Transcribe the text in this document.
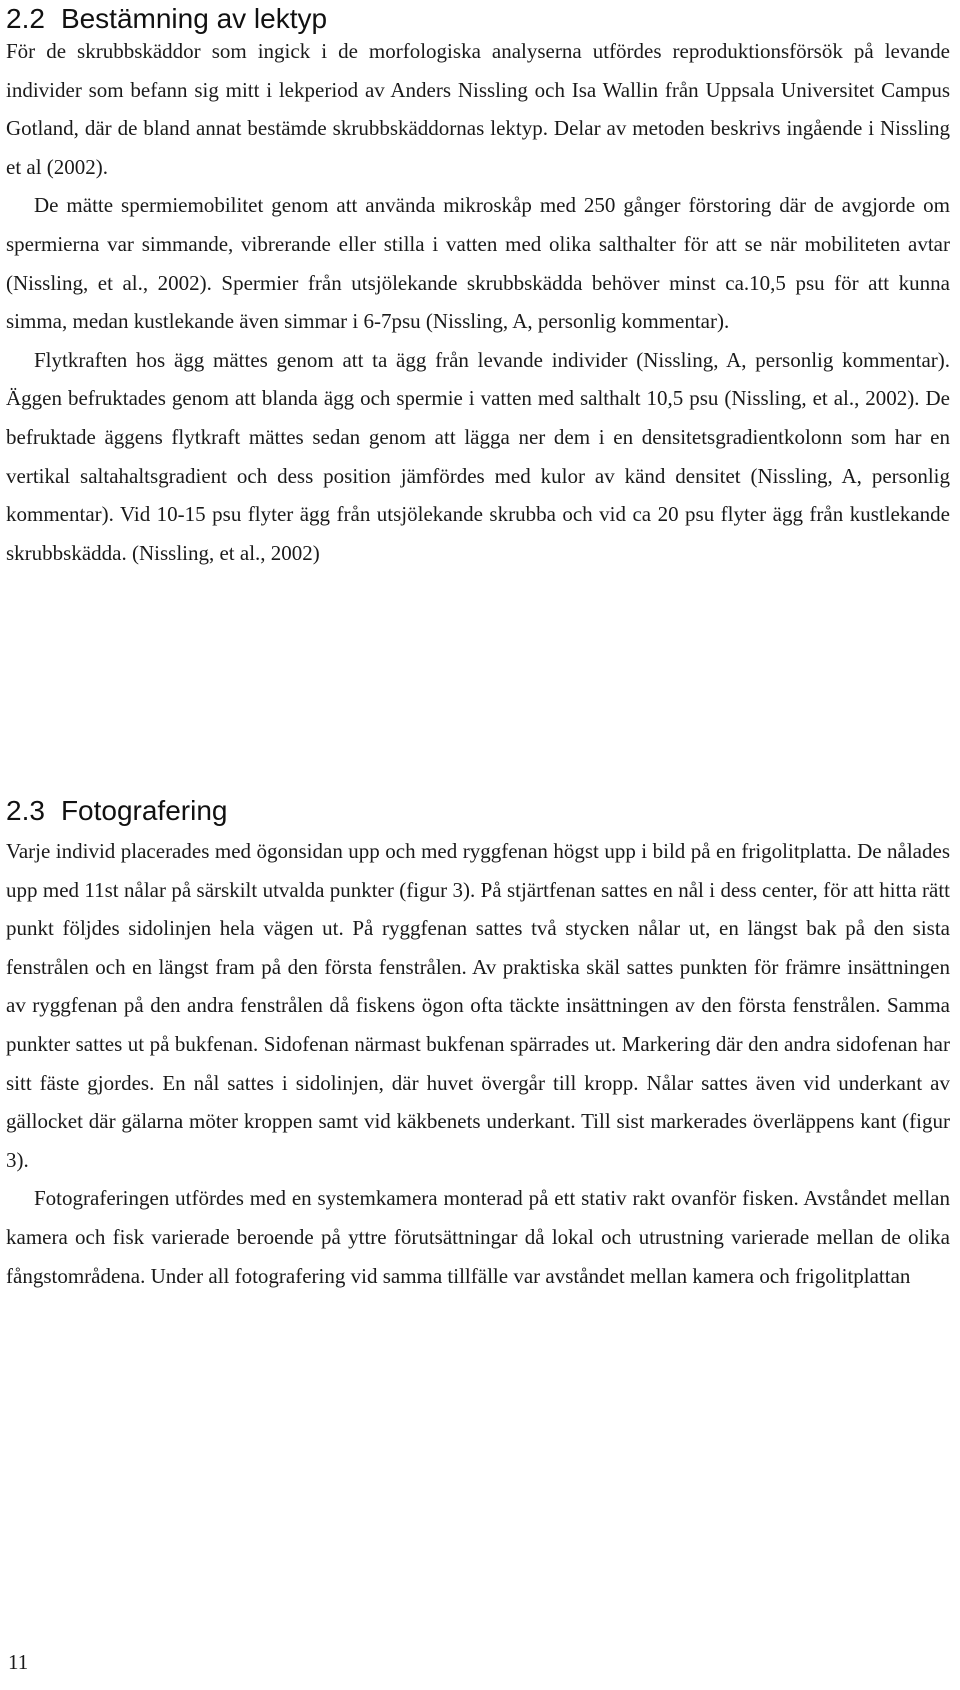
2.2 Bestämning av lektyp

För de skrubbskäddor som ingick i de morfologiska analyserna utfördes reproduktionsförsök på levande individer som befann sig mitt i lekperiod av Anders Nissling och Isa Wallin från Uppsala Universitet Campus Gotland, där de bland annat bestämde skrubbskäddornas lektyp. Delar av metoden beskrivs ingående i Nissling et al (2002).

De mätte spermiemobilitet genom att använda mikroskåp med 250 gånger förstoring där de avgjorde om spermierna var simmande, vibrerande eller stilla i vatten med olika salthalter för att se när mobiliteten avtar (Nissling, et al., 2002). Spermier från utsjölekande skrubbskädda behöver minst ca.10,5 psu för att kunna simma, medan kustlekande även simmar i 6-7psu (Nissling, A, personlig kommentar).

Flytkraften hos ägg mättes genom att ta ägg från levande individer (Nissling, A, personlig kommentar). Äggen befruktades genom att blanda ägg och spermie i vatten med salthalt 10,5 psu (Nissling, et al., 2002). De befruktade äggens flytkraft mättes sedan genom att lägga ner dem i en densitetsgradientkolonn som har en vertikal saltahaltsgradient och dess position jämfördes med kulor av känd densitet (Nissling, A, personlig kommentar). Vid 10-15 psu flyter ägg från utsjölekande skrubba och vid ca 20 psu flyter ägg från kustlekande skrubbskädda. (Nissling, et al., 2002)

2.3 Fotografering

Varje individ placerades med ögonsidan upp och med ryggfenan högst upp i bild på en frigolitplatta. De nålades upp med 11st nålar på särskilt utvalda punkter (figur 3). På stjärtfenan sattes en nål i dess center, för att hitta rätt punkt följdes sidolinjen hela vägen ut. På ryggfenan sattes två stycken nålar ut, en längst bak på den sista fenstrålen och en längst fram på den första fenstrålen. Av praktiska skäl sattes punkten för främre insättningen av ryggfenan på den andra fenstrålen då fiskens ögon ofta täckte insättningen av den första fenstrålen. Samma punkter sattes ut på bukfenan. Sidofenan närmast bukfenan spärrades ut. Markering där den andra sidofenan har sitt fäste gjordes. En nål sattes i sidolinjen, där huvet övergår till kropp. Nålar sattes även vid underkant av gällocket där gälarna möter kroppen samt vid käkbenets underkant. Till sist markerades överläppens kant (figur 3).

Fotograferingen utfördes med en systemkamera monterad på ett stativ rakt ovanför fisken. Avståndet mellan kamera och fisk varierade beroende på yttre förutsättningar då lokal och utrustning varierade mellan de olika fångstområdena. Under all fotografering vid samma tillfälle var avståndet mellan kamera och frigolitplattan

11
